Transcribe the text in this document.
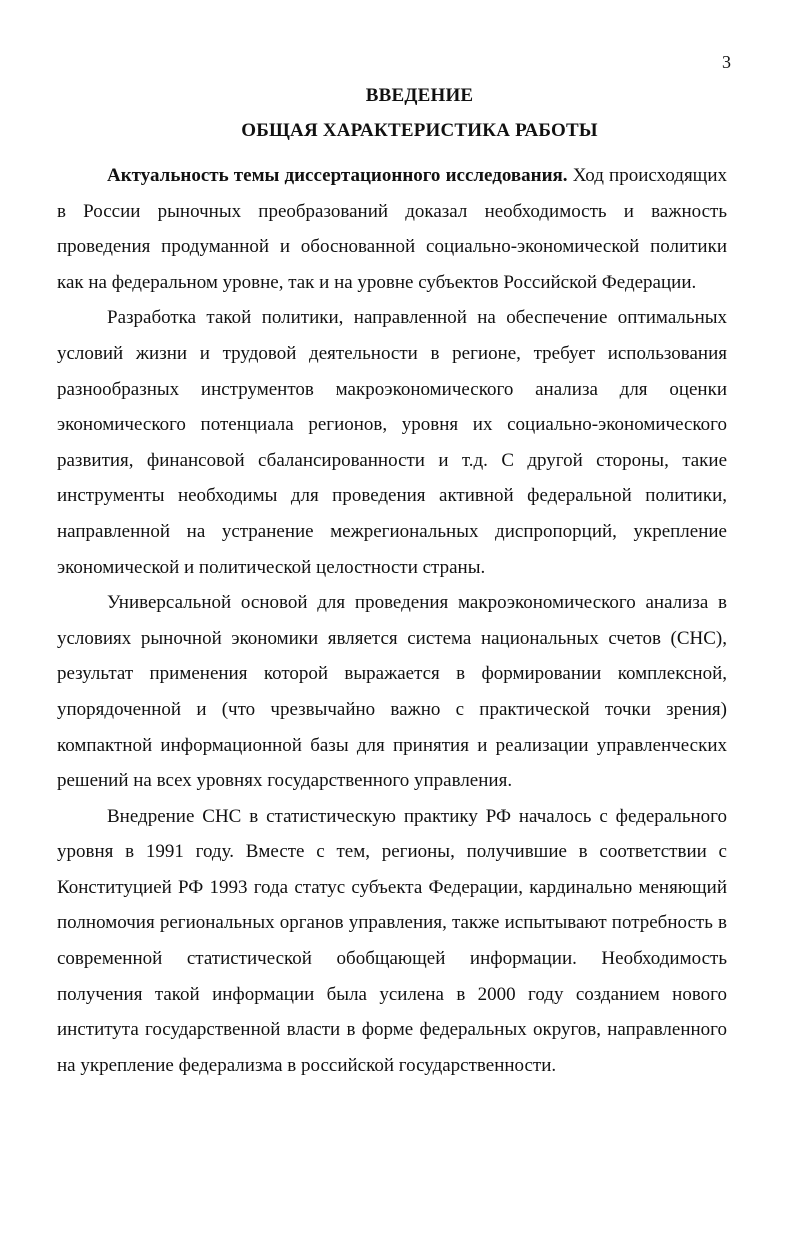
3
ВВЕДЕНИЕ
ОБЩАЯ ХАРАКТЕРИСТИКА РАБОТЫ

Актуальность темы диссертационного исследования. Ход происходящих в России рыночных преобразований доказал необходимость и важность проведения продуманной и обоснованной социально-экономической политики как на федеральном уровне, так и на уровне субъектов Российской Федерации.

Разработка такой политики, направленной на обеспечение оптимальных условий жизни и трудовой деятельности в регионе, требует использования разнообразных инструментов макроэкономического анализа для оценки экономического потенциала регионов, уровня их социально-экономического развития, финансовой сбалансированности и т.д. С другой стороны, такие инструменты необходимы для проведения активной федеральной политики, направленной на устранение межрегиональных диспропорций, укрепление экономической и политической целостности страны.

Универсальной основой для проведения макроэкономического анализа в условиях рыночной экономики является система национальных счетов (СНС), результат применения которой выражается в формировании комплексной, упорядоченной и (что чрезвычайно важно с практической точки зрения) компактной информационной базы для принятия и реализации управленческих решений на всех уровнях государственного управления.

Внедрение СНС в статистическую практику РФ началось с федерального уровня в 1991 году. Вместе с тем, регионы, получившие в соответствии с Конституцией РФ 1993 года статус субъекта Федерации, кардинально меняющий полномочия региональных органов управления, также испытывают потребность в современной статистической обобщающей информации. Необходимость получения такой информации была усилена в 2000 году созданием нового института государственной власти в форме федеральных округов, направленного на укрепление федерализма в российской государственности.
